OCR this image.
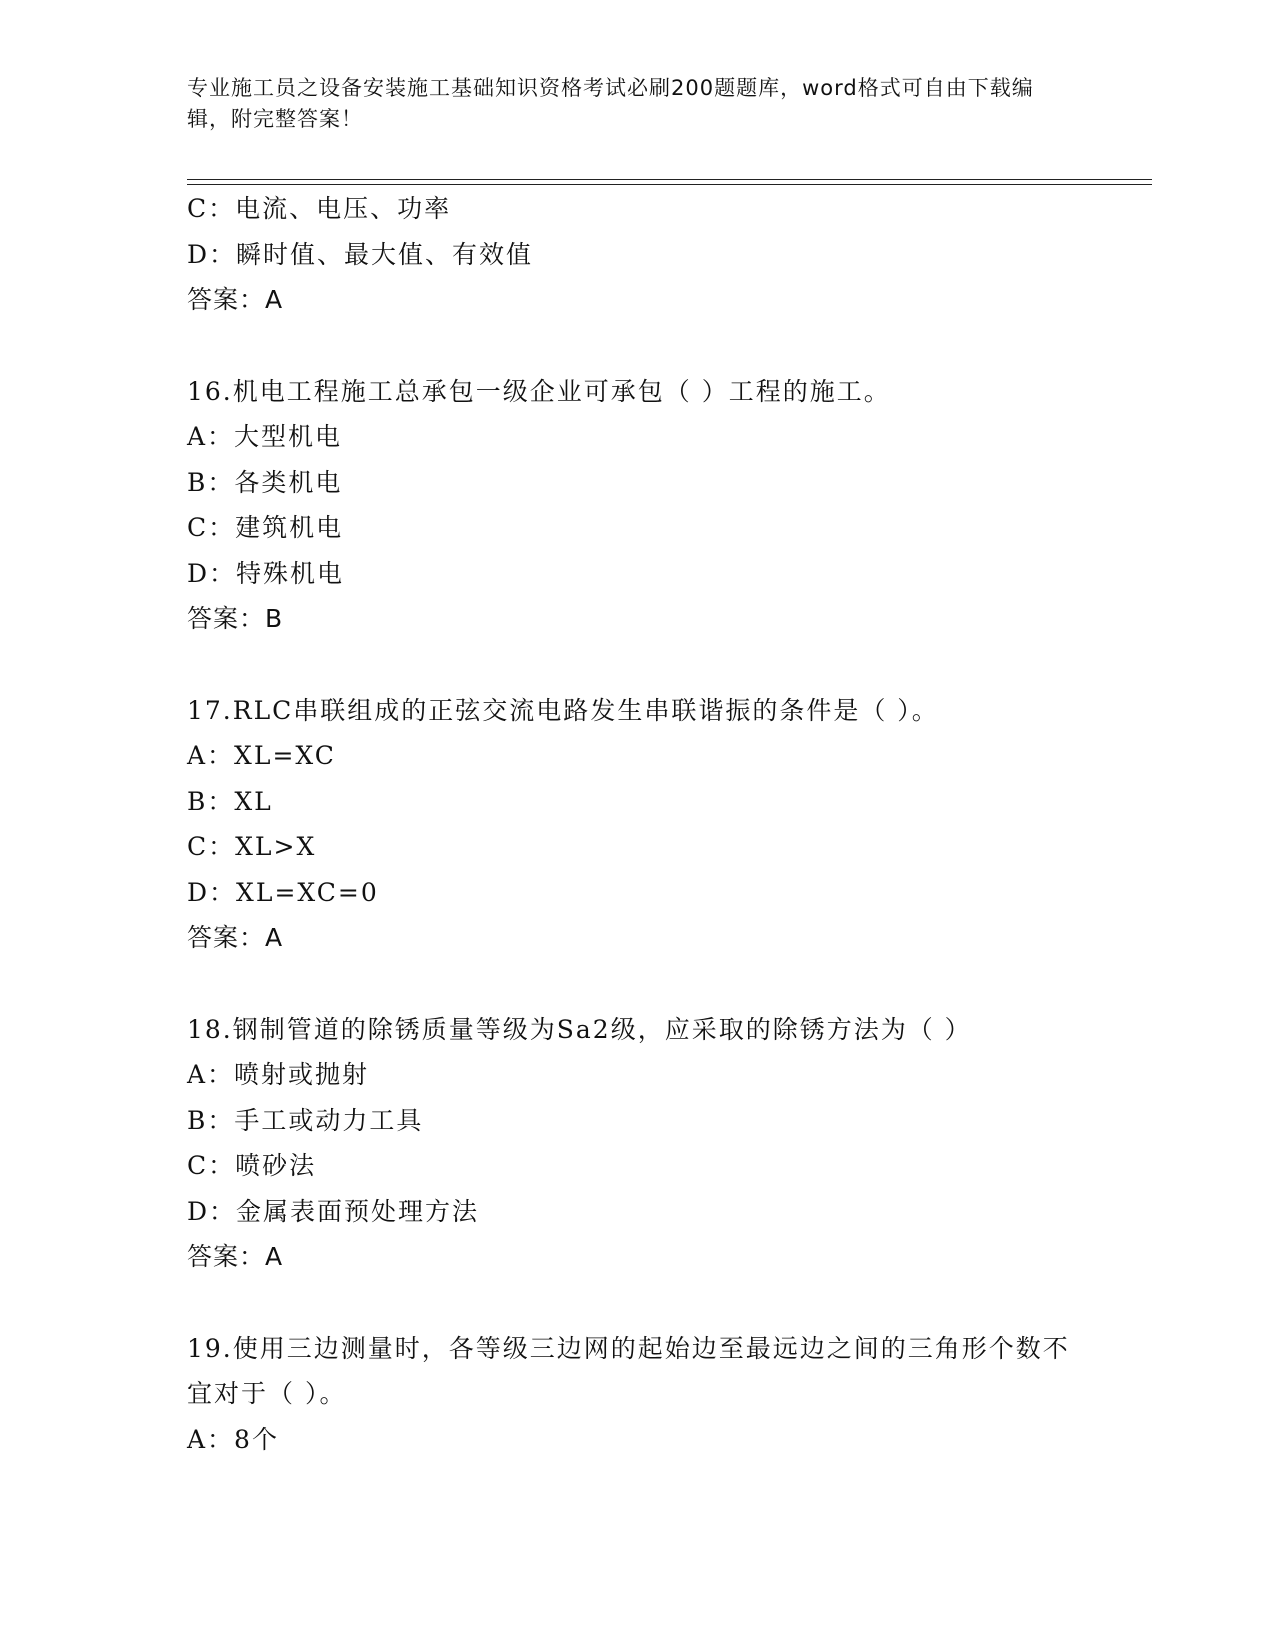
专业施工员之设备安装施工基础知识资格考试必刷200题题库，word格式可自由下载编辑，附完整答案！
C：电流、电压、功率
D：瞬时值、最大值、有效值
答案：A
16.机电工程施工总承包一级企业可承包（ ）工程的施工。
A：大型机电
B：各类机电
C：建筑机电
D：特殊机电
答案：B
17.RLC串联组成的正弦交流电路发生串联谐振的条件是（ ）。
A：XL=XC
B：XL
C：XL>X
D：XL=XC=0
答案：A
18.钢制管道的除锈质量等级为Sa2级，应采取的除锈方法为（ ）
A：喷射或抛射
B：手工或动力工具
C：喷砂法
D：金属表面预处理方法
答案：A
19.使用三边测量时，各等级三边网的起始边至最远边之间的三角形个数不宜对于（ ）。
A：8个
